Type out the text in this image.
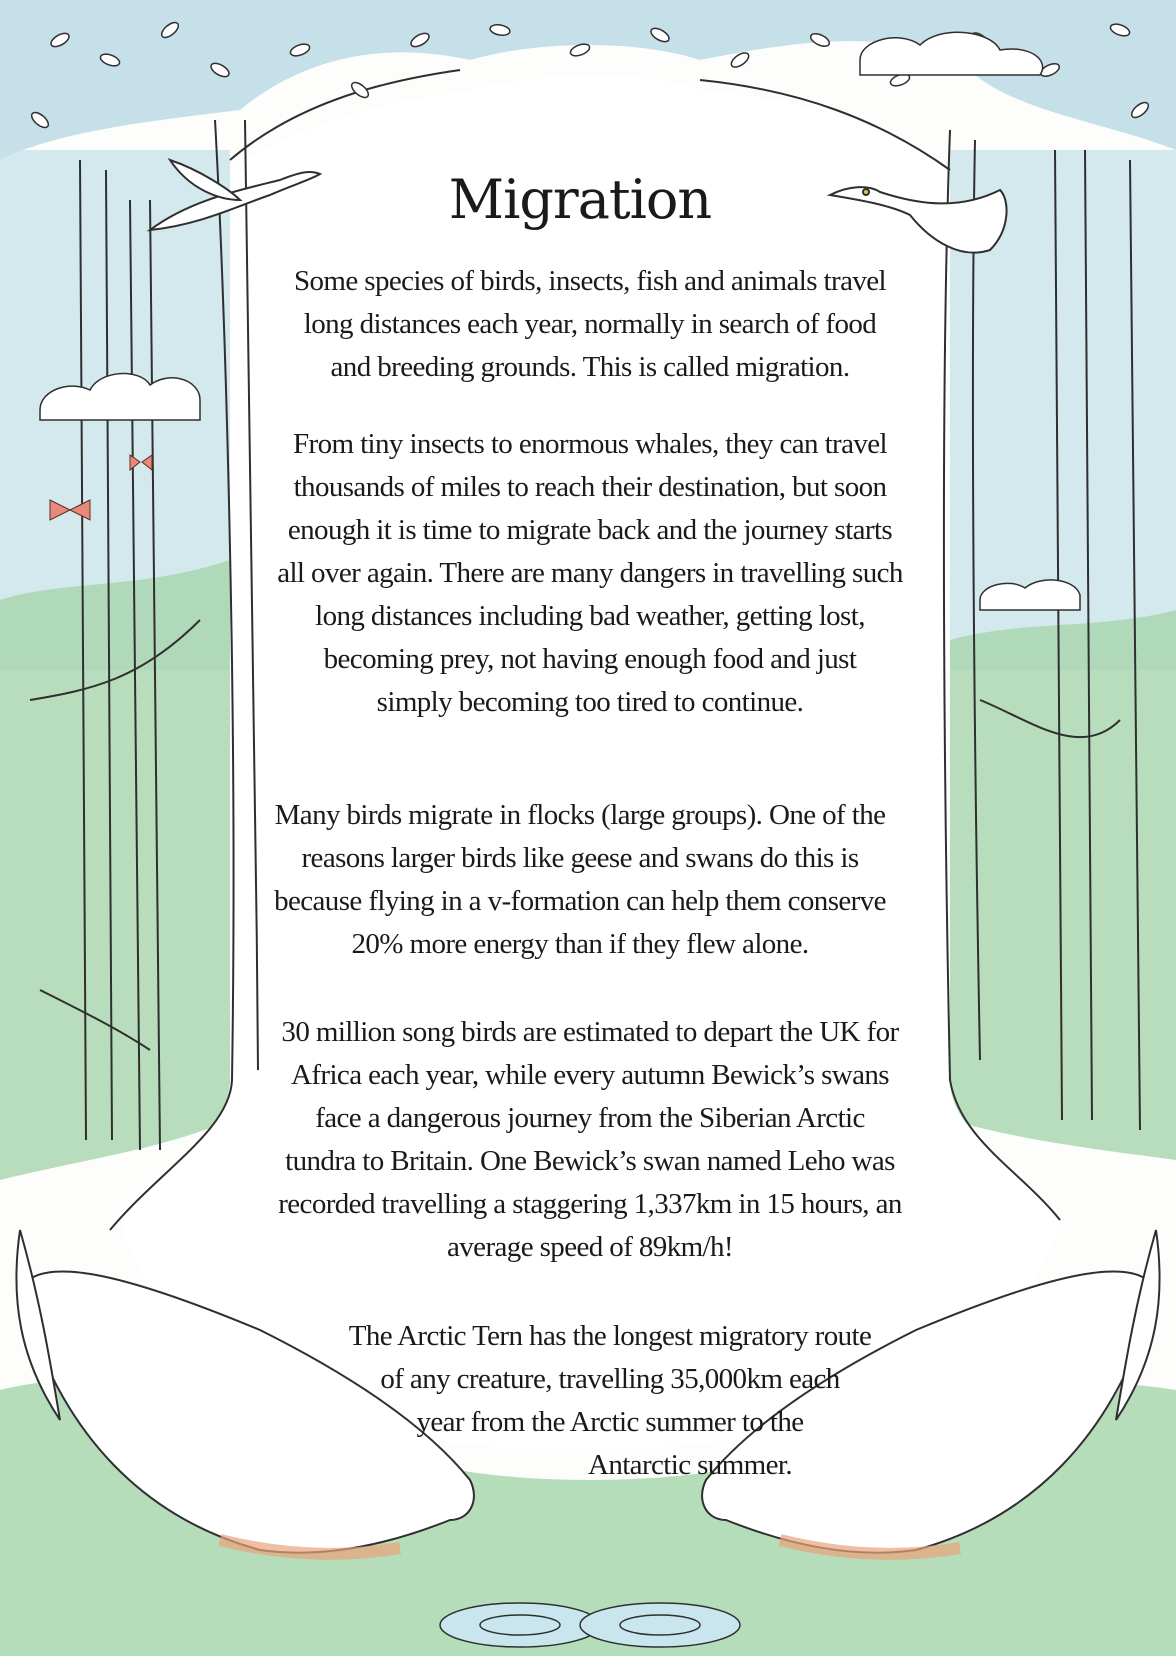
Migration

Some species of birds, insects, fish and animals travel
long distances each year, normally in search of food
and breeding grounds. This is called migration.

From tiny insects to enormous whales, they can travel
thousands of miles to reach their destination, but soon
enough it is time to migrate back and the journey starts
all over again. There are many dangers in travelling such
long distances including bad weather, getting lost,
becoming prey, not having enough food and just
simply becoming too tired to continue.

Many birds migrate in flocks (large groups). One of the
reasons larger birds like geese and swans do this is
because flying in a v-formation can help them conserve
20% more energy than if they flew alone.

30 million song birds are estimated to depart the UK for
Africa each year, while every autumn Bewick’s swans
face a dangerous journey from the Siberian Arctic
tundra to Britain. One Bewick’s swan named Leho was
recorded travelling a staggering 1,337km in 15 hours, an
average speed of 89km/h!

The Arctic Tern has the longest migratory route
of any creature, travelling 35,000km each
year from the Arctic summer to the
Antarctic summer.
